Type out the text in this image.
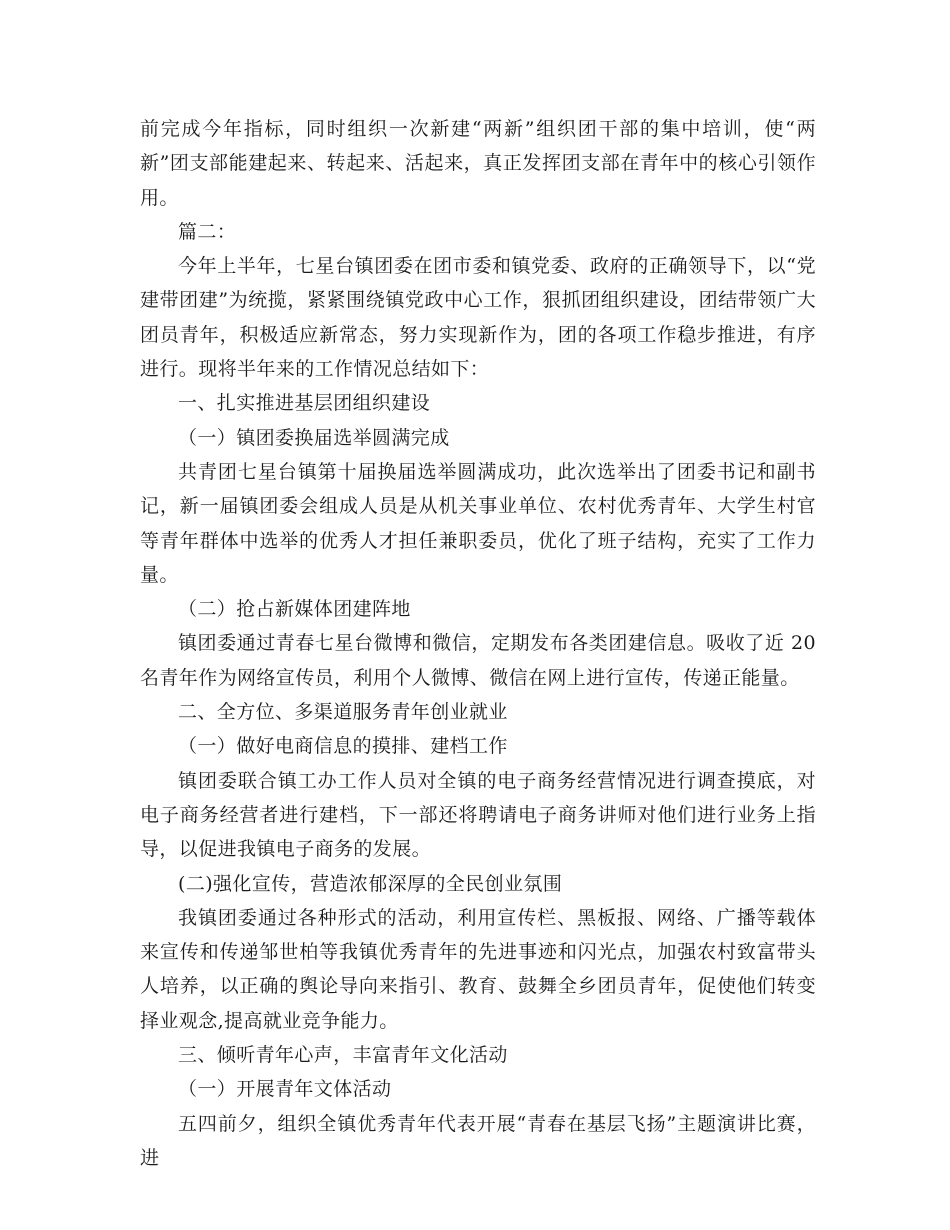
前完成今年指标，同时组织一次新建“两新”组织团干部的集中培训，使“两新”团支部能建起来、转起来、活起来，真正发挥团支部在青年中的核心引领作用。

篇二：

今年上半年，七星台镇团委在团市委和镇党委、政府的正确领导下，以“党建带团建”为统揽，紧紧围绕镇党政中心工作，狠抓团组织建设，团结带领广大团员青年，积极适应新常态，努力实现新作为，团的各项工作稳步推进，有序进行。现将半年来的工作情况总结如下：

一、扎实推进基层团组织建设

（一）镇团委换届选举圆满完成

共青团七星台镇第十届换届选举圆满成功，此次选举出了团委书记和副书记，新一届镇团委会组成人员是从机关事业单位、农村优秀青年、大学生村官等青年群体中选举的优秀人才担任兼职委员，优化了班子结构，充实了工作力量。

（二）抢占新媒体团建阵地

镇团委通过青春七星台微博和微信，定期发布各类团建信息。吸收了近 20 名青年作为网络宣传员，利用个人微博、微信在网上进行宣传，传递正能量。

二、全方位、多渠道服务青年创业就业

（一）做好电商信息的摸排、建档工作

镇团委联合镇工办工作人员对全镇的电子商务经营情况进行调查摸底，对电子商务经营者进行建档，下一部还将聘请电子商务讲师对他们进行业务上指导，以促进我镇电子商务的发展。

(二)强化宣传，营造浓郁深厚的全民创业氛围

我镇团委通过各种形式的活动，利用宣传栏、黑板报、网络、广播等载体来宣传和传递邹世柏等我镇优秀青年的先进事迹和闪光点，加强农村致富带头人培养，以正确的舆论导向来指引、教育、鼓舞全乡团员青年，促使他们转变择业观念,提高就业竞争能力。

三、倾听青年心声，丰富青年文化活动

（一）开展青年文体活动

五四前夕，组织全镇优秀青年代表开展“青春在基层飞扬”主题演讲比赛，进
